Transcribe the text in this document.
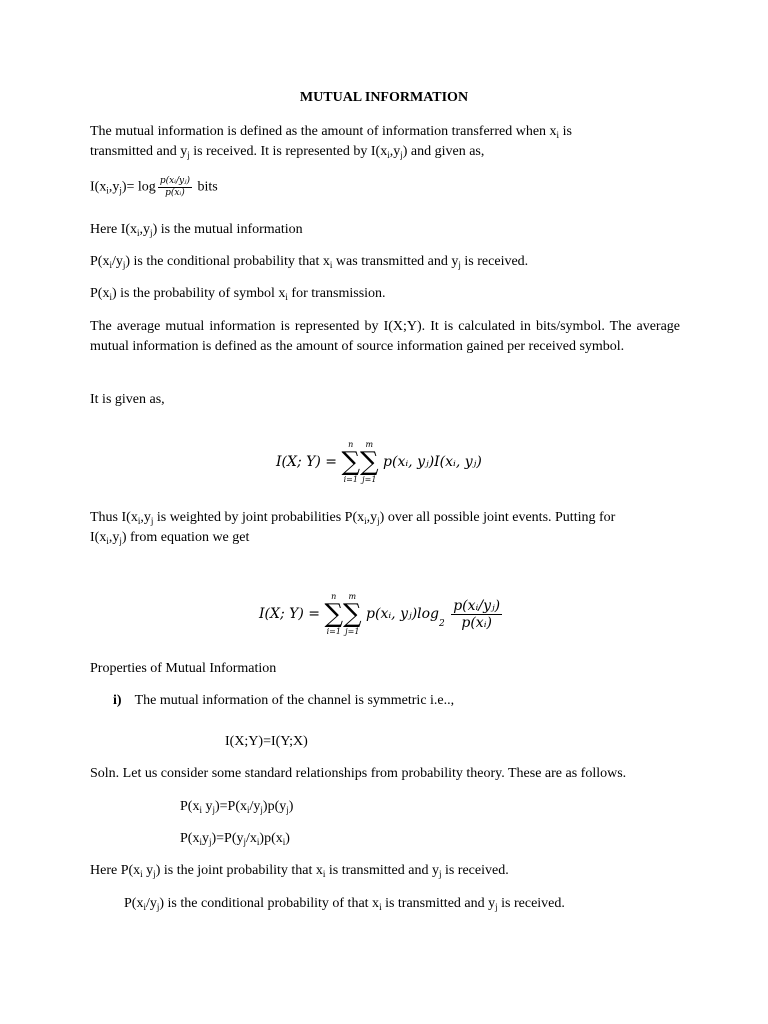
MUTUAL INFORMATION
The mutual information is defined as the amount of information transferred when $x_i$ is
transmitted and $y_j$ is received. It is represented by $I(x_i,y_j)$ and given as,
$I(x_i,y_j)= \log \frac{\text{p(xᵢ/yⱼ)}}{\text{p(xᵢ)}}$ bits
Here $I(x_i,y_j)$ is the mutual information
$P(x_i/y_j)$ is the conditional probability that $x_i$ was transmitted and $y_j$ is received.
$P(x_i)$ is the probability of symbol $x_i$ for transmission.

The average mutual information is represented by I(X;Y). It is calculated in bits/symbol. The average mutual information is defined as the amount of source information gained per received symbol.

It is given as,
I(X; Y) =
n
∑
i=1
m
∑
j=1
p(xᵢ, yⱼ)I(xᵢ, yⱼ)
Thus $I(x_i,y_j$ is weighted by joint probabilities $P(x_i,y_j)$ over all possible joint events. Putting for
$I(x_i,y_j)$ from equation we get
I(X; Y) =
n
∑
i=1
m
∑
j=1
p(xᵢ, $yⱼ)\log_2 \frac{\text{p(xᵢ/yⱼ)}}{\text{p(xᵢ)}}$
Properties of Mutual Information
i) The mutual information of the channel is symmetric i.e..,
I(X;Y)=I(Y;X)
Soln. Let us consider some standard relationships from probability theory. These are as follows.
$P(x_i$ $y_j)=P(x_i/y_j)p(y_j)$
$P(x_iy_j)=P(y_j/x_i)p(x_i)$
Here $P(x_i$ $y_j$) is the joint probability that $x_i$ is transmitted and $y_j$ is received.
$P(x_i/y_j)$ is the conditional probability of that $x_i$ is transmitted and $y_j$ is received.
